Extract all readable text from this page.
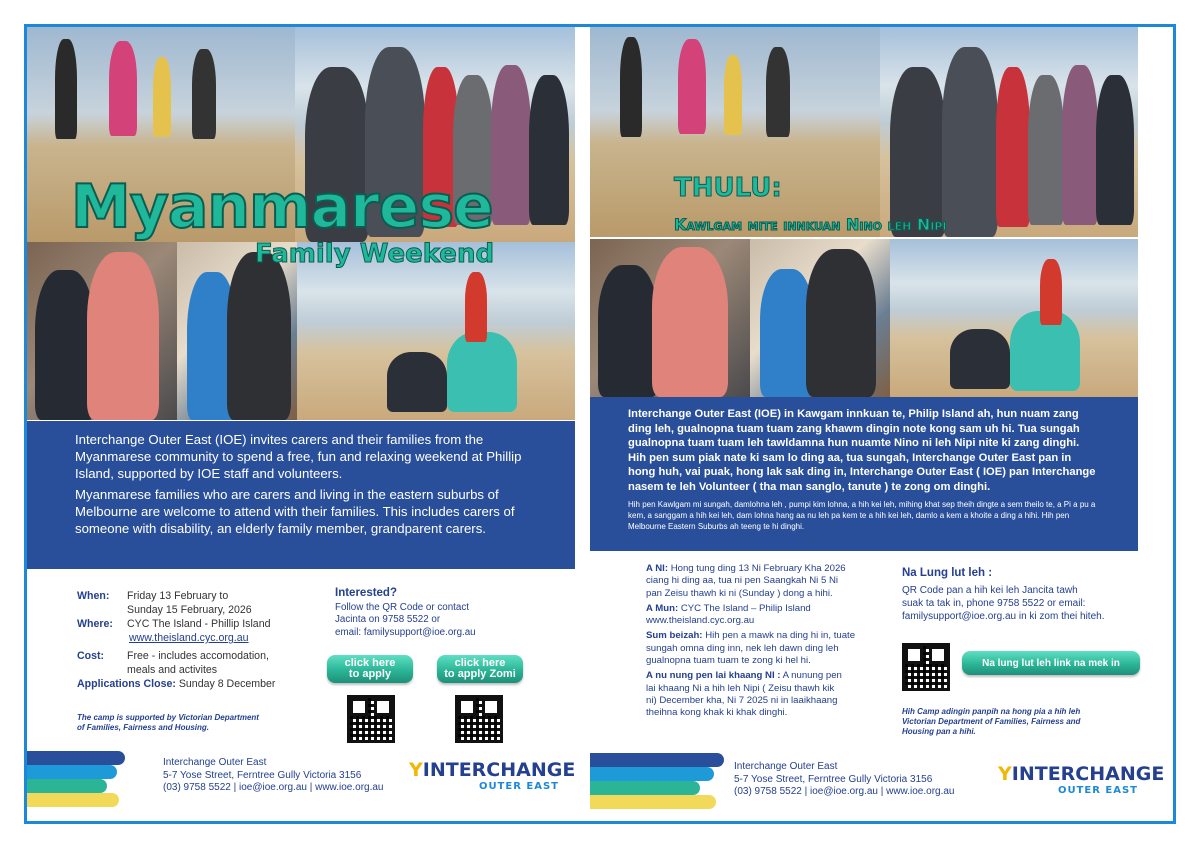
Myanmarese
Family Weekend

Interchange Outer East (IOE) invites carers and their families from the Myanmarese community to spend a free, fun and relaxing weekend at Phillip Island, supported by IOE staff and volunteers.

Myanmarese families who are carers and living in the eastern suburbs of Melbourne are welcome to attend with their families. This includes carers of someone with disability, an elderly family member, grandparent carers.

When: Friday 13 February to
Sunday 15 February, 2026
Where: CYC The Island - Phillip Island
www.theisland.cyc.org.au
Cost: Free - includes accomodation,
meals and activites
Applications Close: Sunday 8 December
Interested?
Follow the QR Code or contact
Jacinta on 9758 5522 or
email: familysupport@ioe.org.au
click here
to apply
click here
to apply Zomi
The camp is supported by Victorian Department
of Families, Fairness and Housing.
Interchange Outer East
5-7 Yose Street, Ferntree Gully Victoria 3156
(03) 9758 5522 | ioe@ioe.org.au | www.ioe.org.au
YINTERCHANGE
OUTER EAST
THULU:
Kawlgam mite innkuan Nino leh Nipi
Interchange Outer East (IOE) in Kawgam innkuan te, Philip Island ah, hun nuam zang ding leh, gualnopna tuam tuam zang khawm dingin note kong sam uh hi. Tua sungah gualnopna tuam tuam leh tawldamna hun nuamte Nino ni leh Nipi nite ki zang dinghi. Hih pen sum piak nate ki sam lo ding aa, tua sungah, Interchange Outer East pan in hong huh, vai puak, hong lak sak ding in, Interchange Outer East ( IOE) pan Interchange nasem te leh Volunteer ( tha man sanglo, tanute ) te zong om dinghi.
Hih pen Kawlgam mi sungah, damlohna leh , pumpi kim lohna, a hih kei leh, mihing khat sep theih dingte a sem theilo te, a Pi a pu a kem, a sanggam a hih kei leh, dam lohna hang aa nu leh pa kem te a hih kei leh, damlo a kem a khoite a ding a hihi. Hih pen Melbourne Eastern Suburbs ah teeng te hi dinghi.
A NI: Hong tung ding 13 Ni February Kha 2026
ciang hi ding aa, tua ni pen Saangkah Ni 5 Ni
pan Zeisu thawh ki ni (Sunday ) dong a hihi.
A Mun: CYC The Island – Philip Island
www.theisland.cyc.org.au
Sum beizah: Hih pen a mawk na ding hi in, tuate
sungah omna ding inn, nek leh dawn ding leh
gualnopna tuam tuam te zong ki hel hi.
A nu nung pen lai khaang NI : A nunung pen
lai khaang Ni a hih leh Nipi ( Zeisu thawh kik
ni) December kha, Ni 7 2025 ni in laaikhaang
theihna kong khak ki khak dinghi.
Na Lung lut leh :
QR Code pan a hih kei leh Jancita tawh
suak ta tak in, phone 9758 5522 or email:
familysupport@ioe.org.au in ki zom thei hiteh.
Na lung lut leh link na mek in
Hih Camp adingin panpih na hong pia a hih leh
Victorian Department of Families, Fairness and
Housing pan a hihi.
Interchange Outer East
5-7 Yose Street, Ferntree Gully Victoria 3156
(03) 9758 5522 | ioe@ioe.org.au | www.ioe.org.au
YINTERCHANGE
OUTER EAST
